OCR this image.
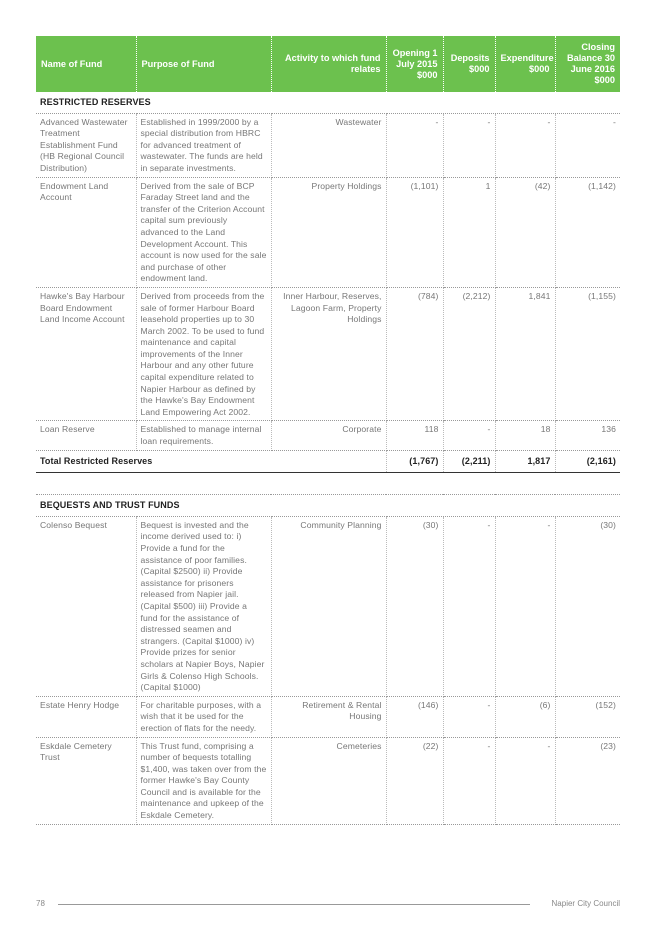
Name of Fund	Purpose of Fund	Activity to which fund relates	Opening 1 July 2015 $000	Deposits $000	Expenditure $000	Closing Balance 30 June 2016 $000
RESTRICTED RESERVES						
Advanced Wastewater Treatment Establishment Fund (HB Regional Council Distribution)	Established in 1999/2000 by a special distribution from HBRC for advanced treatment of wastewater. The funds are held in separate investments.	Wastewater	-	-	-	-
Endowment Land Account	Derived from the sale of BCP Faraday Street land and the transfer of the Criterion Account capital sum previously advanced to the Land Development Account. This account is now used for the sale and purchase of other endowment land.	Property Holdings	(1,101)	1	(42)	(1,142)
Hawke's Bay Harbour Board Endowment Land Income Account	Derived from proceeds from the sale of former Harbour Board leasehold properties up to 30 March 2002. To be used to fund maintenance and capital improvements of the Inner Harbour and any other future capital expenditure related to Napier Harbour as defined by the Hawke's Bay Endowment Land Empowering Act 2002.	Inner Harbour, Reserves, Lagoon Farm, Property Holdings	(784)	(2,212)	1,841	(1,155)
Loan Reserve	Established to manage internal loan requirements.	Corporate	118	-	18	136
Total Restricted Reserves			(1,767)	(2,211)	1,817	(2,161)

BEQUESTS AND TRUST FUNDS						
Colenso Bequest	Bequest is invested and the income derived used to: i) Provide a fund for the assistance of poor families. (Capital $2500) ii) Provide assistance for prisoners released from Napier jail. (Capital $500) iii) Provide a fund for the assistance of distressed seamen and strangers. (Capital $1000) iv) Provide prizes for senior scholars at Napier Boys, Napier Girls & Colenso High Schools. (Capital $1000)	Community Planning	(30)	-	-	(30)
Estate Henry Hodge	For charitable purposes, with a wish that it be used for the erection of flats for the needy.	Retirement & Rental Housing	(146)	-	(6)	(152)
Eskdale Cemetery Trust	This Trust fund, comprising a number of bequests totalling $1,400, was taken over from the former Hawke's Bay County Council and is available for the maintenance and upkeep of the Eskdale Cemetery.	Cemeteries	(22)	-	-	(23)
78	Napier City Council
